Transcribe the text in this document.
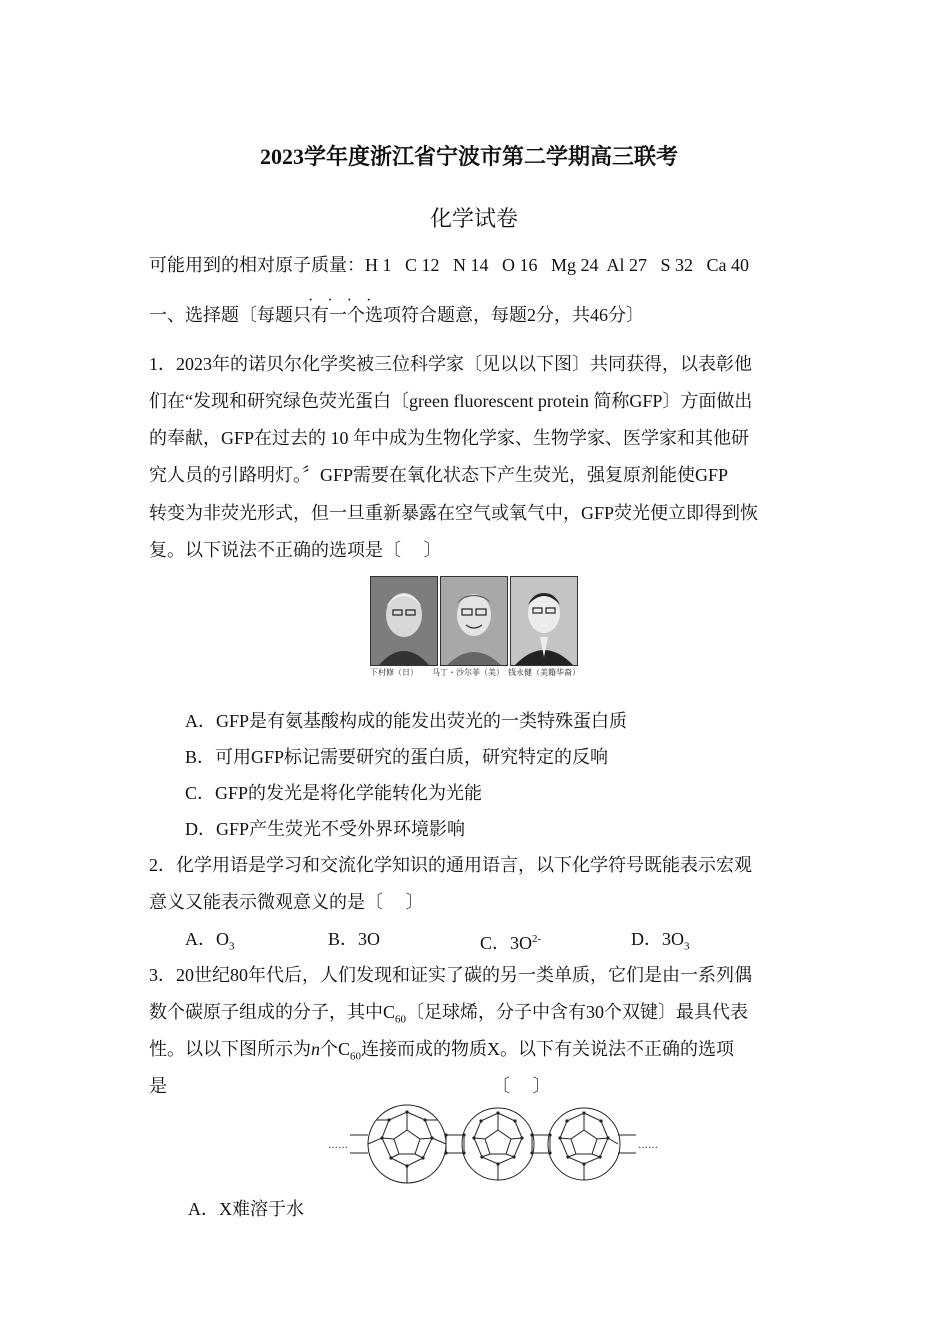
2023学年度浙江省宁波市第二学期高三联考
化学试卷
可能用到的相对原子质量：H 1   C 12   N 14   O 16   Mg 24  Al 27   S 32   Ca 40
····
一、选择题〔每题只有一个选项符合题意，每题2分，共46分〕
1．2023年的诺贝尔化学奖被三位科学家〔见以以下图〕共同获得，以表彰他
们在“发现和研究绿色荧光蛋白〔green fluorescent protein 简称GFP〕方面做出
的奉献，GFP在过去的 10 年中成为生物化学家、生物学家、医学家和其他研
究人员的引路明灯。〞GFP需要在氧化状态下产生荧光，强复原剂能使GFP
转变为非荧光形式，但一旦重新暴露在空气或氧气中，GFP荧光便立即得到恢
复。以下说法不正确的选项是〔     〕
下村修（日） 马丁・沙尔菲（美） 钱永健（美籍华裔）
A．GFP是有氨基酸构成的能发出荧光的一类特殊蛋白质
B．可用GFP标记需要研究的蛋白质，研究特定的反响
C．GFP的发光是将化学能转化为光能
D．GFP产生荧光不受外界环境影响
2．化学用语是学习和交流化学知识的通用语言，以下化学符号既能表示宏观
意义又能表示微观意义的是〔     〕
A．$O_3$	B．3O	C．$3O^{2-}$	D．$3O_3$
3．20世纪80年代后，人们发现和证实了碳的另一类单质，它们是由一系列偶
数个碳原子组成的分子，其中$C_{60}$〔足球烯，分子中含有30个双键〕最具代表
性。以以下图所示为n个$C_{60}$连接而成的物质X。以下有关说法不正确的选项
是	〔     〕
……	……
A．X难溶于水
